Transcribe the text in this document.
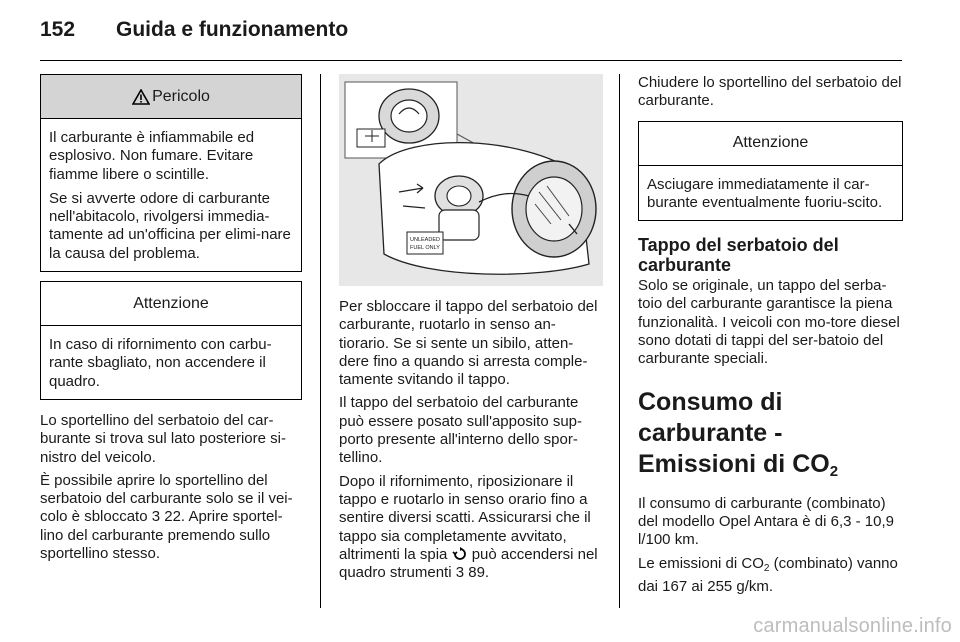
152	Guida e funzionamento
Pericolo

Il carburante è infiammabile ed esplosivo. Non fumare. Evitare fiamme libere o scintille.

Se si avverte odore di carburante nell'abitacolo, rivolgersi immedia-tamente ad un'officina per elimi-nare la causa del problema.

Attenzione

In caso di rifornimento con carbu-rante sbagliato, non accendere il quadro.

Lo sportellino del serbatoio del car-burante si trova sul lato posteriore si-nistro del veicolo.

È possibile aprire lo sportellino del serbatoio del carburante solo se il vei-colo è sbloccato 3 22. Aprire sportel-lino del carburante premendo sullo sportellino stesso.

UNLEADED
FUEL ONLY

Per sbloccare il tappo del serbatoio del carburante, ruotarlo in senso an-tiorario. Se si sente un sibilo, atten-dere fino a quando si arresta comple-tamente svitando il tappo.

Il tappo del serbatoio del carburante può essere posato sull'apposito sup-porto presente all'interno dello spor-tellino.

Dopo il rifornimento, riposizionare il tappo e ruotarlo in senso orario fino a sentire diversi scatti. Assicurarsi che il tappo sia completamente avvitato, altrimenti la spia  può accendersi nel quadro strumenti 3 89.

Chiudere lo sportellino del serbatoio del carburante.

Attenzione

Asciugare immediatamente il car-burante eventualmente fuoriu-scito.

Tappo del serbatoio del carburante

Solo se originale, un tappo del serba-toio del carburante garantisce la piena funzionalità. I veicoli con mo-tore diesel sono dotati di tappi del ser-batoio del carburante speciali.

Consumo di carburante - Emissioni di CO2

Il consumo di carburante (combinato) del modello Opel Antara è di 6,3 - 10,9 l/100 km.

Le emissioni di $CO_2$ (combinato) vanno dai 167 ai 255 g/km.

carmanualsonline.info
